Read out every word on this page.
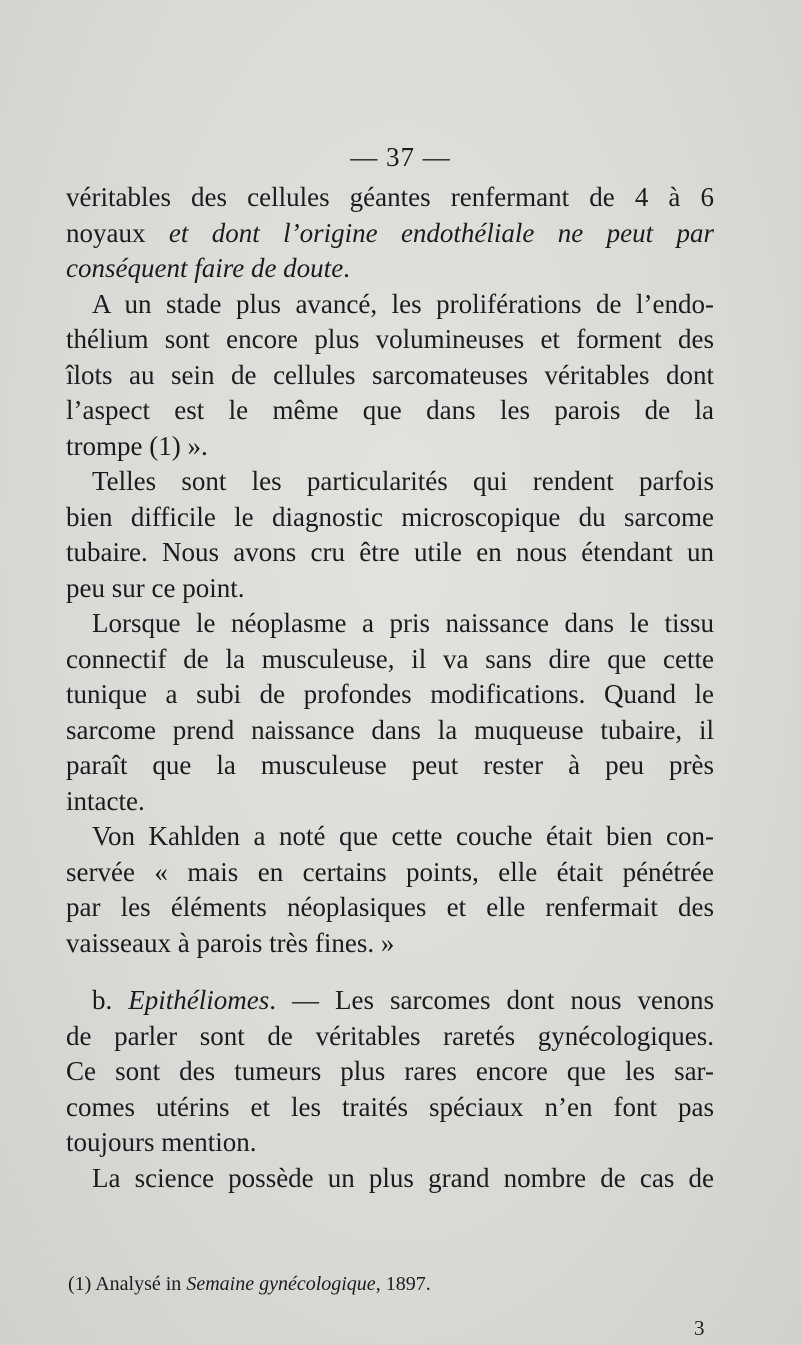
— 37 —
véritables des cellules géantes renfermant de 4 à 6
noyaux et dont l’origine endothéliale ne peut par
conséquent faire de doute.
A un stade plus avancé, les proliférations de l’endo-
thélium sont encore plus volumineuses et forment des
îlots au sein de cellules sarcomateuses véritables dont
l’aspect est le même que dans les parois de la
trompe (1) ».
Telles sont les particularités qui rendent parfois
bien difficile le diagnostic microscopique du sarcome
tubaire. Nous avons cru être utile en nous étendant un
peu sur ce point.
Lorsque le néoplasme a pris naissance dans le tissu
connectif de la musculeuse, il va sans dire que cette
tunique a subi de profondes modifications. Quand le
sarcome prend naissance dans la muqueuse tubaire, il
paraît que la musculeuse peut rester à peu près
intacte.
Von Kahlden a noté que cette couche était bien con-
servée « mais en certains points, elle était pénétrée
par les éléments néoplasiques et elle renfermait des
vaisseaux à parois très fines. »
b. Epithéliomes. — Les sarcomes dont nous venons
de parler sont de véritables raretés gynécologiques.
Ce sont des tumeurs plus rares encore que les sar-
comes utérins et les traités spéciaux n’en font pas
toujours mention.
La science possède un plus grand nombre de cas de
(1) Analysé in Semaine gynécologique, 1897.
3
